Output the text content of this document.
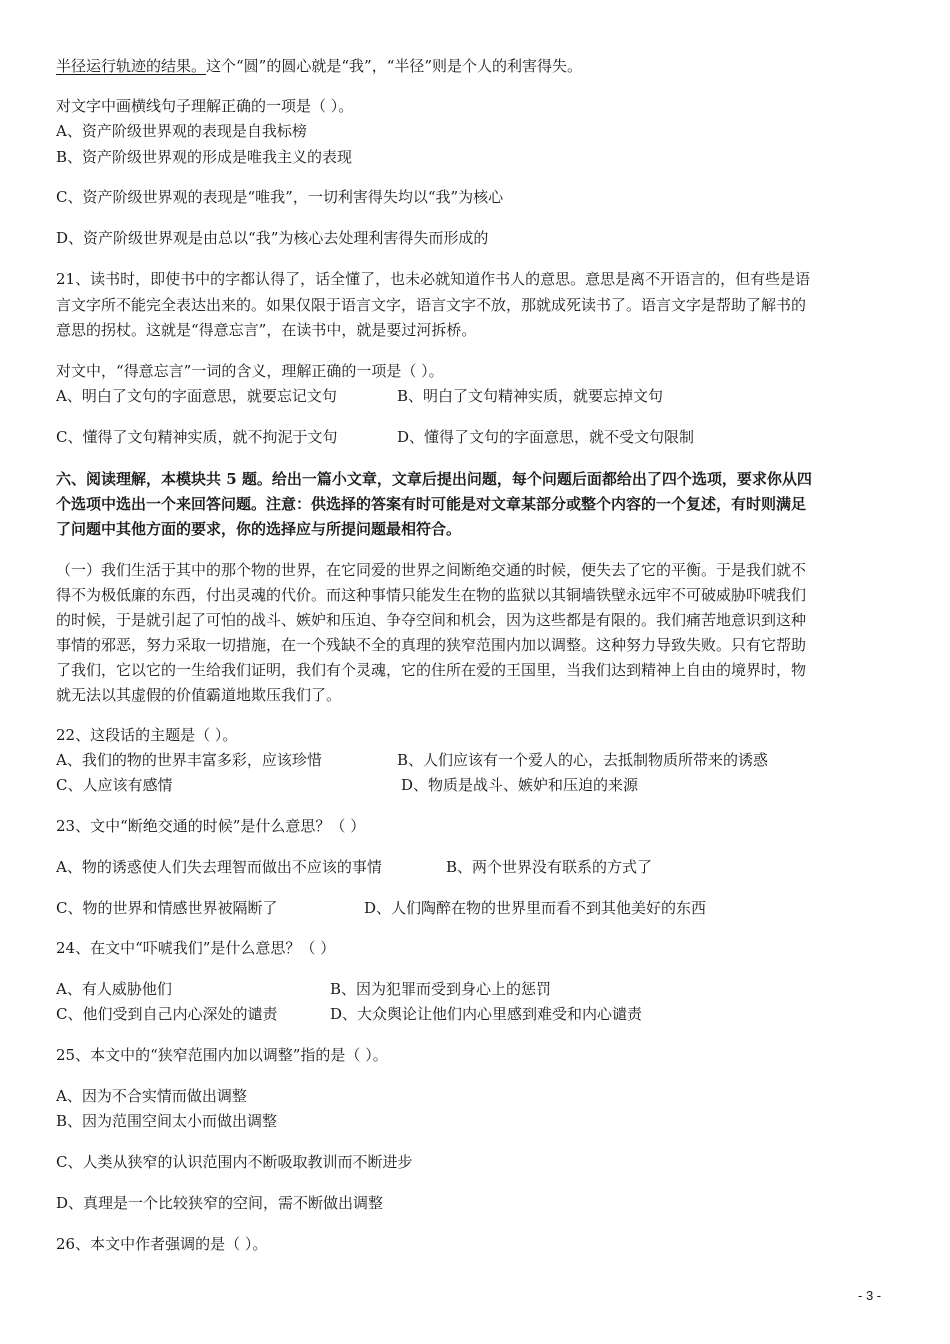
半径运行轨迹的结果。这个“圆”的圆心就是“我”，“半径”则是个人的利害得失。
对文字中画横线句子理解正确的一项是（ ）。
A、资产阶级世界观的表现是自我标榜
B、资产阶级世界观的形成是唯我主义的表现
C、资产阶级世界观的表现是“唯我”，一切利害得失均以“我”为核心
D、资产阶级世界观是由总以“我”为核心去处理利害得失而形成的
21、读书时，即使书中的字都认得了，话全懂了，也未必就知道作书人的意思。意思是离不开语言的，但有些是语
言文字所不能完全表达出来的。如果仅限于语言文字，语言文字不放，那就成死读书了。语言文字是帮助了解书的
意思的拐杖。这就是“得意忘言”，在读书中，就是要过河拆桥。
对文中，“得意忘言”一词的含义，理解正确的一项是（ ）。
A、明白了文句的字面意思，就要忘记文句	B、明白了文句精神实质，就要忘掉文句
C、懂得了文句精神实质，就不拘泥于文句	D、懂得了文句的字面意思，就不受文句限制
六、阅读理解，本模块共 5 题。给出一篇小文章，文章后提出问题，每个问题后面都给出了四个选项，要求你从四
个选项中选出一个来回答问题。注意：供选择的答案有时可能是对文章某部分或整个内容的一个复述，有时则满足
了问题中其他方面的要求，你的选择应与所提问题最相符合。
（一）我们生活于其中的那个物的世界，在它同爱的世界之间断绝交通的时候，便失去了它的平衡。于是我们就不
得不为极低廉的东西，付出灵魂的代价。而这种事情只能发生在物的监狱以其铜墙铁壁永远牢不可破威胁吓唬我们
的时候，于是就引起了可怕的战斗、嫉妒和压迫、争夺空间和机会，因为这些都是有限的。我们痛苦地意识到这种
事情的邪恶，努力采取一切措施，在一个残缺不全的真理的狭窄范围内加以调整。这种努力导致失败。只有它帮助
了我们，它以它的一生给我们证明，我们有个灵魂，它的住所在爱的王国里，当我们达到精神上自由的境界时，物
就无法以其虚假的价值霸道地欺压我们了。
22、这段话的主题是（ ）。
A、我们的物的世界丰富多彩，应该珍惜	B、人们应该有一个爱人的心，去抵制物质所带来的诱惑
C、人应该有感情	D、物质是战斗、嫉妒和压迫的来源
23、文中“断绝交通的时候”是什么意思？（ ）
A、物的诱惑使人们失去理智而做出不应该的事情	B、两个世界没有联系的方式了
C、物的世界和情感世界被隔断了	D、人们陶醉在物的世界里而看不到其他美好的东西
24、在文中“吓唬我们”是什么意思？（ ）
A、有人威胁他们	B、因为犯罪而受到身心上的惩罚
C、他们受到自己内心深处的谴责	D、大众舆论让他们内心里感到难受和内心谴责
25、本文中的“狭窄范围内加以调整”指的是（ ）。
A、因为不合实情而做出调整
B、因为范围空间太小而做出调整
C、人类从狭窄的认识范围内不断吸取教训而不断进步
D、真理是一个比较狭窄的空间，需不断做出调整
26、本文中作者强调的是（ ）。
- 3 -
